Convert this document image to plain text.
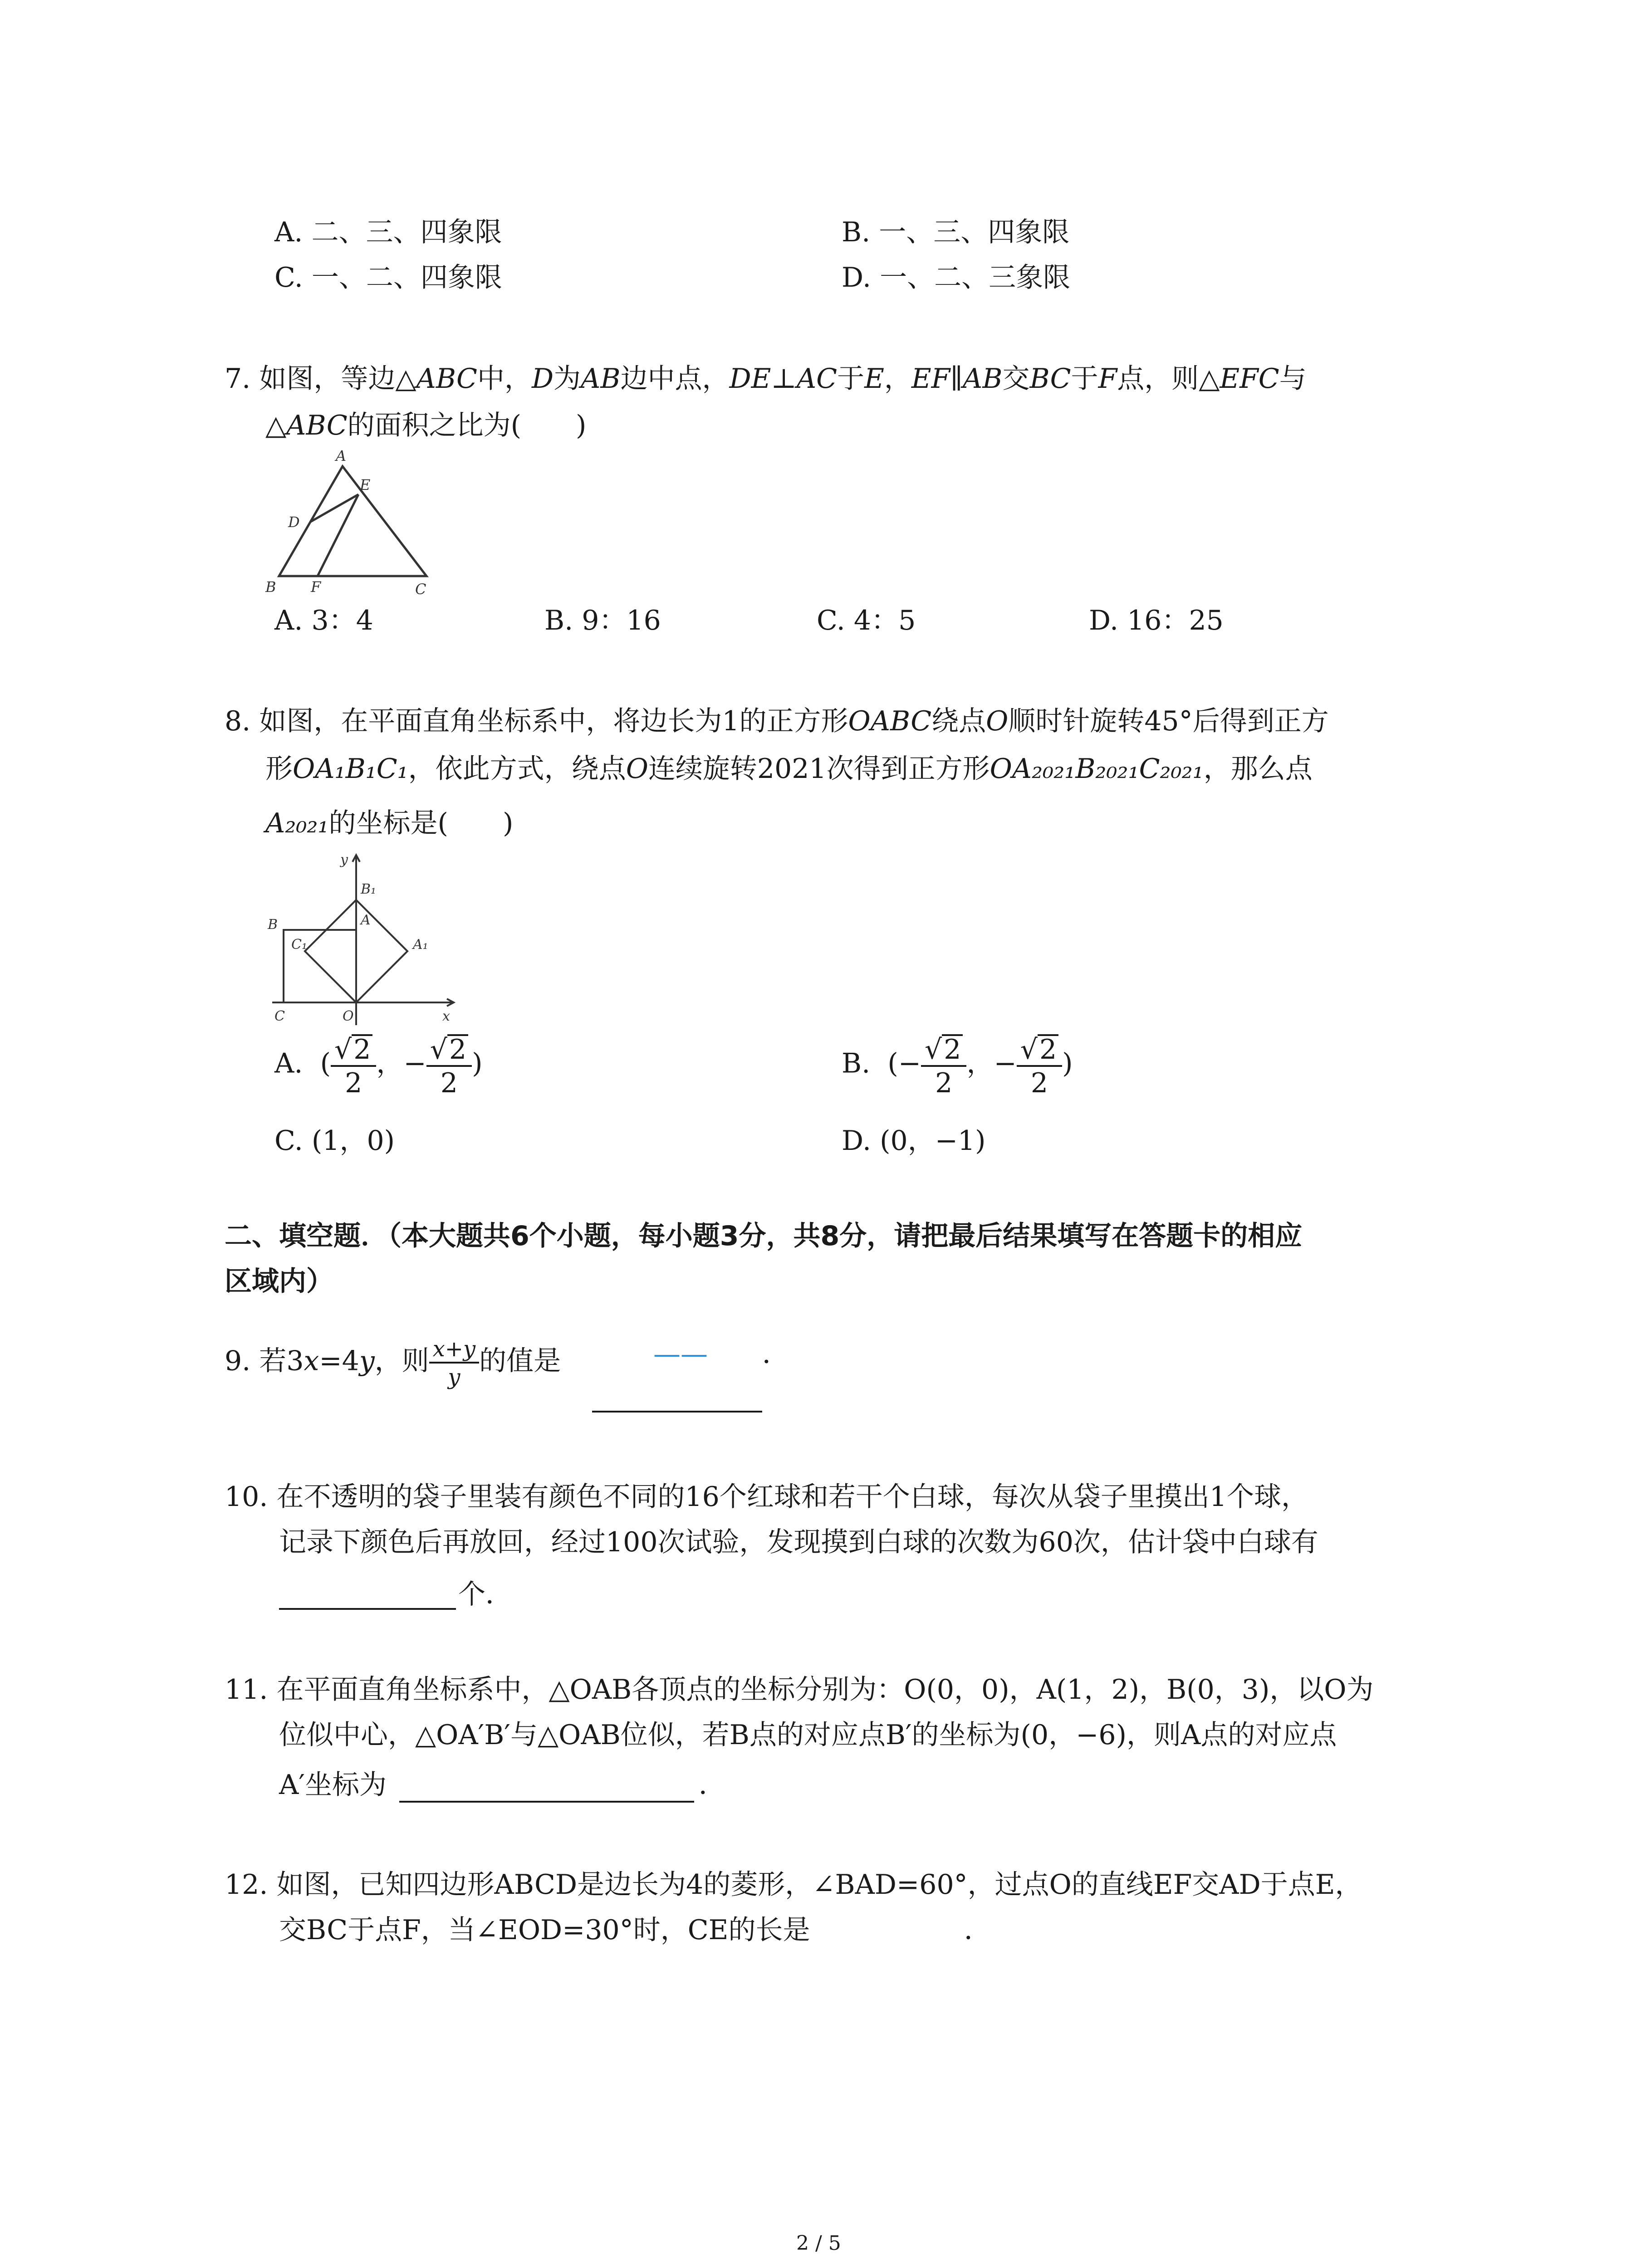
A. 二、三、四象限	B. 一、三、四象限
C. 一、二、四象限	D. 一、二、三象限
7. 如图，等边△ABC中，D为AB边中点，DE⊥AC于E，EF∥AB交BC于F点，则△EFC与
△ABC的面积之比为(　　)
A
E
D
B F	C
A. 3：4	B. 9：16	C. 4：5	D. 16：25
8. 如图，在平面直角坐标系中，将边长为1的正方形OABC绕点O顺时针旋转45°后得到正方
形OA₁B₁C₁，依此方式，绕点O连续旋转2021次得到正方形OA₂₀₂₁B₂₀₂₁C₂₀₂₁，那么点
A₂₀₂₁的坐标是(　　)
y
B₁
B	A
A₁
C₁
C	O	x
A. ( $\frac{√2}{2}$ ，− $\frac{√2}{2}$ )	B. (− $\frac{√2}{2}$ ，− $\frac{√2}{2}$ )
C. (1，0)	D. (0，−1)
二、填空题．（本大题共6个小题，每小题3分，共8分，请把最后结果填写在答题卡的相应
区域内）
9. 若3x=4y，则 $\frac{x+y}{y}$ 的值是	—— ．
10. 在不透明的袋子里装有颜色不同的16个红球和若干个白球，每次从袋子里摸出1个球，
记录下颜色后再放回，经过100次试验，发现摸到白球的次数为60次，估计袋中白球有
个．
11. 在平面直角坐标系中，△OAB各顶点的坐标分别为：O(0，0)，A(1，2)，B(0，3)，以O为
位似中心，△OA′B′与△OAB位似，若B点的对应点B′的坐标为(0，−6)，则A点的对应点
A′坐标为	．
12. 如图，已知四边形ABCD是边长为4的菱形，∠BAD=60°，过点O的直线EF交AD于点E，
交BC于点F，当∠EOD=30°时，CE的长是	．
2 / 5
